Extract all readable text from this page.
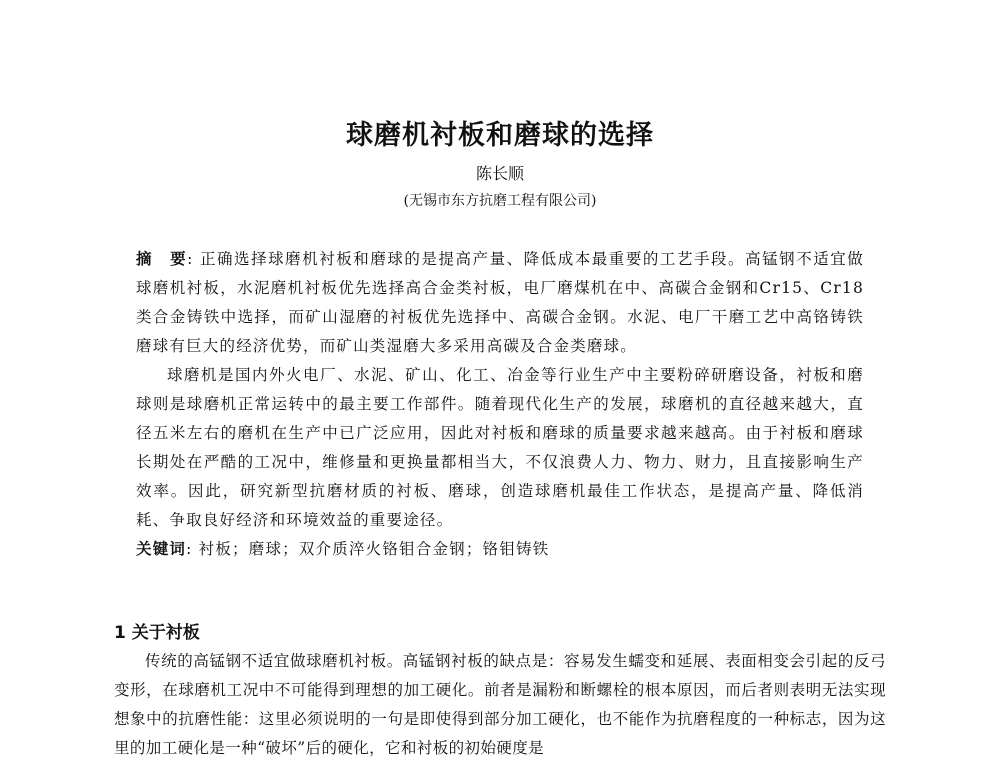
球磨机衬板和磨球的选择
陈长顺
(无锡市东方抗磨工程有限公司)

摘　要: 正确选择球磨机衬板和磨球的是提高产量、降低成本最重要的工艺手段。高锰钢不适宜做球磨机衬板，水泥磨机衬板优先选择高合金类衬板，电厂磨煤机在中、高碳合金钢和Cr15、Cr18 类合金铸铁中选择，而矿山湿磨的衬板优先选择中、高碳合金钢。水泥、电厂干磨工艺中高铬铸铁磨球有巨大的经济优势，而矿山类湿磨大多采用高碳及合金类磨球。

球磨机是国内外火电厂、水泥、矿山、化工、冶金等行业生产中主要粉碎研磨设备，衬板和磨球则是球磨机正常运转中的最主要工作部件。随着现代化生产的发展，球磨机的直径越来越大，直径五米左右的磨机在生产中已广泛应用，因此对衬板和磨球的质量要求越来越高。由于衬板和磨球长期处在严酷的工况中，维修量和更换量都相当大，不仅浪费人力、物力、财力，且直接影响生产效率。因此，研究新型抗磨材质的衬板、磨球，创造球磨机最佳工作状态，是提高产量、降低消耗、争取良好经济和环境效益的重要途径。

关键词: 衬板；磨球；双介质淬火铬钼合金钢；铬钼铸铁

1 关于衬板

传统的高锰钢不适宜做球磨机衬板。高锰钢衬板的缺点是：容易发生蠕变和延展、表面相变会引起的反弓变形，在球磨机工况中不可能得到理想的加工硬化。前者是漏粉和断螺栓的根本原因，而后者则表明无法实现想象中的抗磨性能：这里必须说明的一句是即使得到部分加工硬化，也不能作为抗磨程度的一种标志，因为这里的加工硬化是一种“破坏”后的硬化，它和衬板的初始硬度是
